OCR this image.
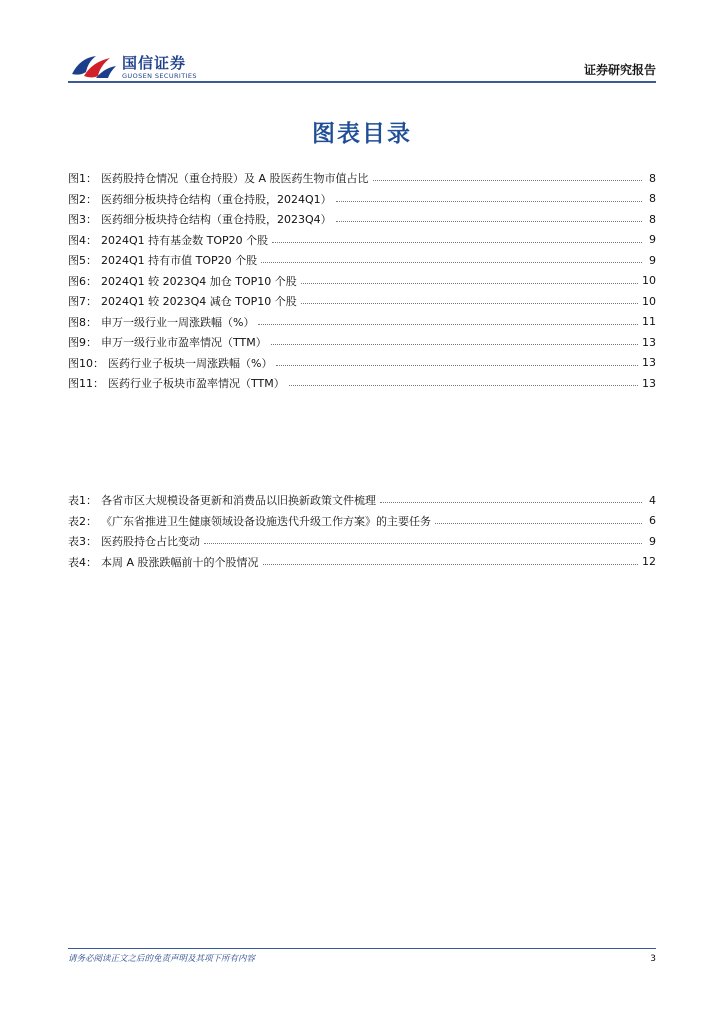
国信证券
GUOSEN SECURITIES	证券研究报告
图表目录
图1： 医药股持仓情况（重仓持股）及 A 股医药生物市值占比	8
图2： 医药细分板块持仓结构（重仓持股，2024Q1）	8
图3： 医药细分板块持仓结构（重仓持股，2023Q4）	8
图4： 2024Q1 持有基金数 TOP20 个股	9
图5： 2024Q1 持有市值 TOP20 个股	9
图6： 2024Q1 较 2023Q4 加仓 TOP10 个股	10
图7： 2024Q1 较 2023Q4 减仓 TOP10 个股	10
图8： 申万一级行业一周涨跌幅（%）	11
图9： 申万一级行业市盈率情况（TTM）	13
图10： 医药行业子板块一周涨跌幅（%）	13
图11： 医药行业子板块市盈率情况（TTM）	13
表1： 各省市区大规模设备更新和消费品以旧换新政策文件梳理	4
表2： 《广东省推进卫生健康领域设备设施迭代升级工作方案》的主要任务	6
表3： 医药股持仓占比变动	9
表4： 本周 A 股涨跌幅前十的个股情况	12
请务必阅读正文之后的免责声明及其项下所有内容	3
